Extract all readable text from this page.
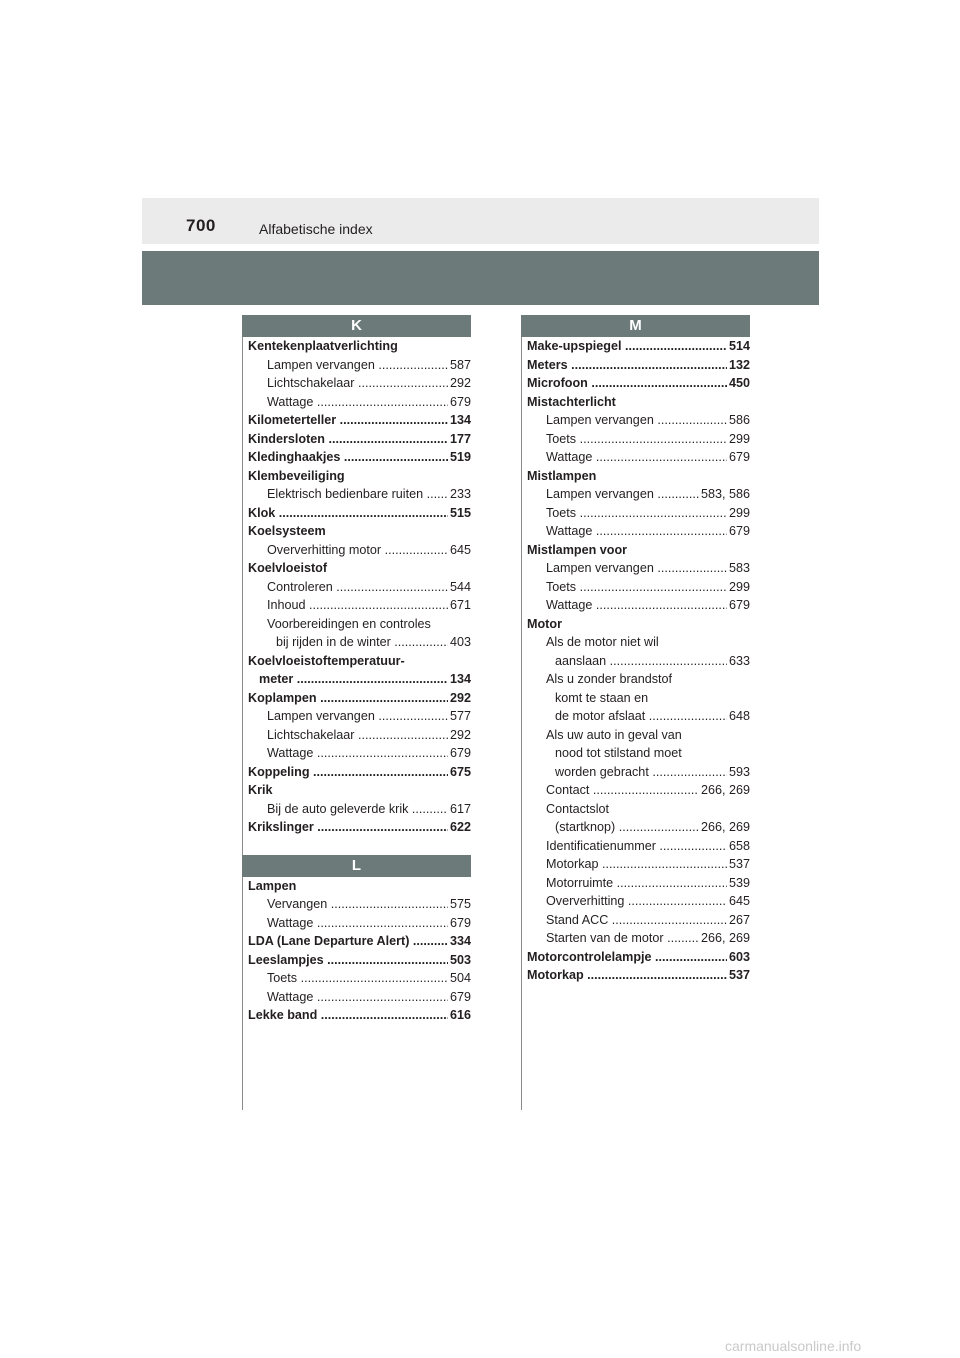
700	Alfabetische index
K
Kentekenplaatverlichting
Lampen vervangen .....	587
Lichtschakelaar .....	292
Wattage .....	679
Kilometerteller .....	134
Kindersloten .....	177
Kledinghaakjes .....	519
Klembeveiliging
Elektrisch bedienbare ruiten .....	233
Klok .....	515
Koelsysteem
Oververhitting motor .....	645
Koelvloeistof
Controleren .....	544
Inhoud .....	671
Voorbereidingen en controles
bij rijden in de winter .....	403
Koelvloeistoftemperatuur-
meter .....	134
Koplampen .....	292
Lampen vervangen .....	577
Lichtschakelaar .....	292
Wattage .....	679
Koppeling .....	675
Krik
Bij de auto geleverde krik .....	617
Krikslinger .....	622
L
Lampen
Vervangen .....	575
Wattage .....	679
LDA (Lane Departure Alert) .....	334
Leeslampjes .....	503
Toets .....	504
Wattage .....	679
Lekke band .....	616
M
Make-upspiegel .....	514
Meters .....	132
Microfoon .....	450
Mistachterlicht
Lampen vervangen .....	586
Toets .....	299
Wattage .....	679
Mistlampen
Lampen vervangen .....	583, 586
Toets .....	299
Wattage .....	679
Mistlampen voor
Lampen vervangen .....	583
Toets .....	299
Wattage .....	679
Motor
Als de motor niet wil
aanslaan .....	633
Als u zonder brandstof
komt te staan en
de motor afslaat .....	648
Als uw auto in geval van
nood tot stilstand moet
worden gebracht .....	593
Contact .....	266, 269
Contactslot
(startknop) .....	266, 269
Identificatienummer .....	658
Motorkap .....	537
Motorruimte .....	539
Oververhitting .....	645
Stand ACC .....	267
Starten van de motor .....	266, 269
Motorcontrolelampje .....	603
Motorkap .....	537
carmanualsonline.info
